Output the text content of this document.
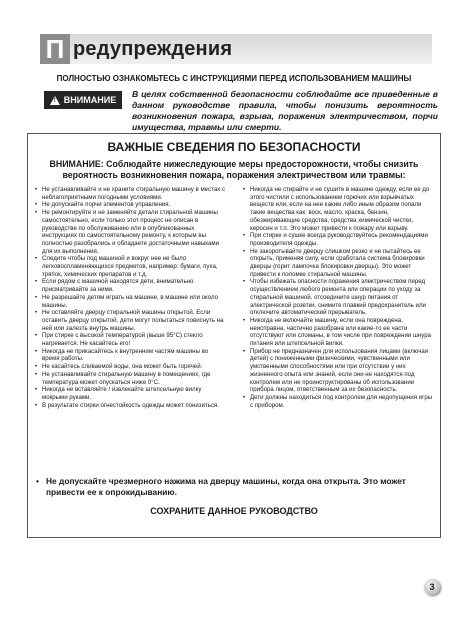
П редупреждения
ПОЛНОСТЬЮ ОЗНАКОМЬТЕСЬ С ИНСТРУКЦИЯМИ ПЕРЕД ИСПОЛЬЗОВАНИЕМ МАШИНЫ
! ВНИМАНИЕ
В целях собственной безопасности соблюдайте все приведенные в данном руководстве правила, чтобы понизить вероятность возникновения пожара, взрыва, поражения электричеством, порчи имущества, травмы или смерти.
ВАЖНЫЕ СВЕДЕНИЯ ПО БЕЗОПАСНОСТИ
ВНИМАНИЕ: Соблюдайте нижеследующие меры предосторожности, чтобы снизить вероятность возникновения пожара, поражения электричеством или травмы:
• Не устанавливайте и не храните стиральную машину в местах с неблагоприятными погодными условиями.
• Не допускайте порчи элементов управления.
• Не ремонтируйте и не заменяйте детали стиральной машины самостоятельно, если только этот процесс не описан в руководстве по обслуживанию или в опубликованных инструкциях по самостоятельному ремонту, к которым вы полностью разобрались и обладаете достаточными навыками для их выполнения.
• Следите чтобы под машиной и вокруг нее не было легковоспламеняющихся предметов, например: бумаги, пуха, тряпок, химических препаратов и т.д.
• Если рядом с машиной находятся дети, внимательно присматривайте за ними.
• Не разрешайте детям играть на машине, в машине или около машины.
• Не оставляйте дверцу стиральной машины открытой. Если оставить дверцу открытой, дети могут попытаться повиснуть на ней или залезть внутрь машины.
• При стирке с высокой температурой (выше 95°C) стекло нагревается. Не касайтесь его!
• Никогда не прикасайтесь к внутренним частям машины во время работы.
• Не касайтесь сливаемой воды, она может быть горячей.
• Не устанавливайте стиральную машину в помещениях, где температура может опускаться ниже 0°C.
• Никогда не вставляйте / извлекайте штепсельную вилку мокрыми руками.
• В результате стирки огнестойкость одежды может понизиться.
• Никогда не стирайте и не сушите в машине одежду, если ее до этого чистили с использованием горючих или взрывчатых веществ или, если на нее каким либо иным образом попали такие вещества как: воск, масло, краска, бензин, обезжиривающие средства, средства химической чистки, керосин и т.п. Это может привести к пожару или взрыву.
• При стирке и сушке всегда руководствуйтесь рекомендациями производителя одежды.
• Не закоротывайте дверцу слишком резко и не пытайтесь ее открыть, применяя силу, если сработала система блокировки дверцы (горит лампочка блокировки дверцы). Это может привести к поломке стиральной машины.
• Чтобы избежать опасности поражения электричеством перед осуществлением любого ремонта или операции по уходу за стиральной машиной, отсоедините шнур питания от электрической розетки, снимите плавкий предохранитель или отключите автоматический прерыватель.
• Никогда не включайте машину, если она повреждена, неисправна, частично разобрана или какие-то ее части отсутствуют или сломаны, в том числе при повреждении шнура питания или штепсельной вилки.
• Прибор не предназначен для использования лицами (включая детей) с пониженными физическими, чувственными или умственными способностями или при отсутствии у них жизненного опыта или знаний, если они не находятся под контролем или не проинструктированы об использовании прибора лицом, ответственным за их безопасность.
• Дети должны находиться под контролем для недопущения игры с прибором.
• Не допускайте чрезмерного нажима на дверцу машины, когда она открыта. Это может привести ее к опрокидыванию.
СОХРАНИТЕ ДАННОЕ РУКОВОДСТВО
3
